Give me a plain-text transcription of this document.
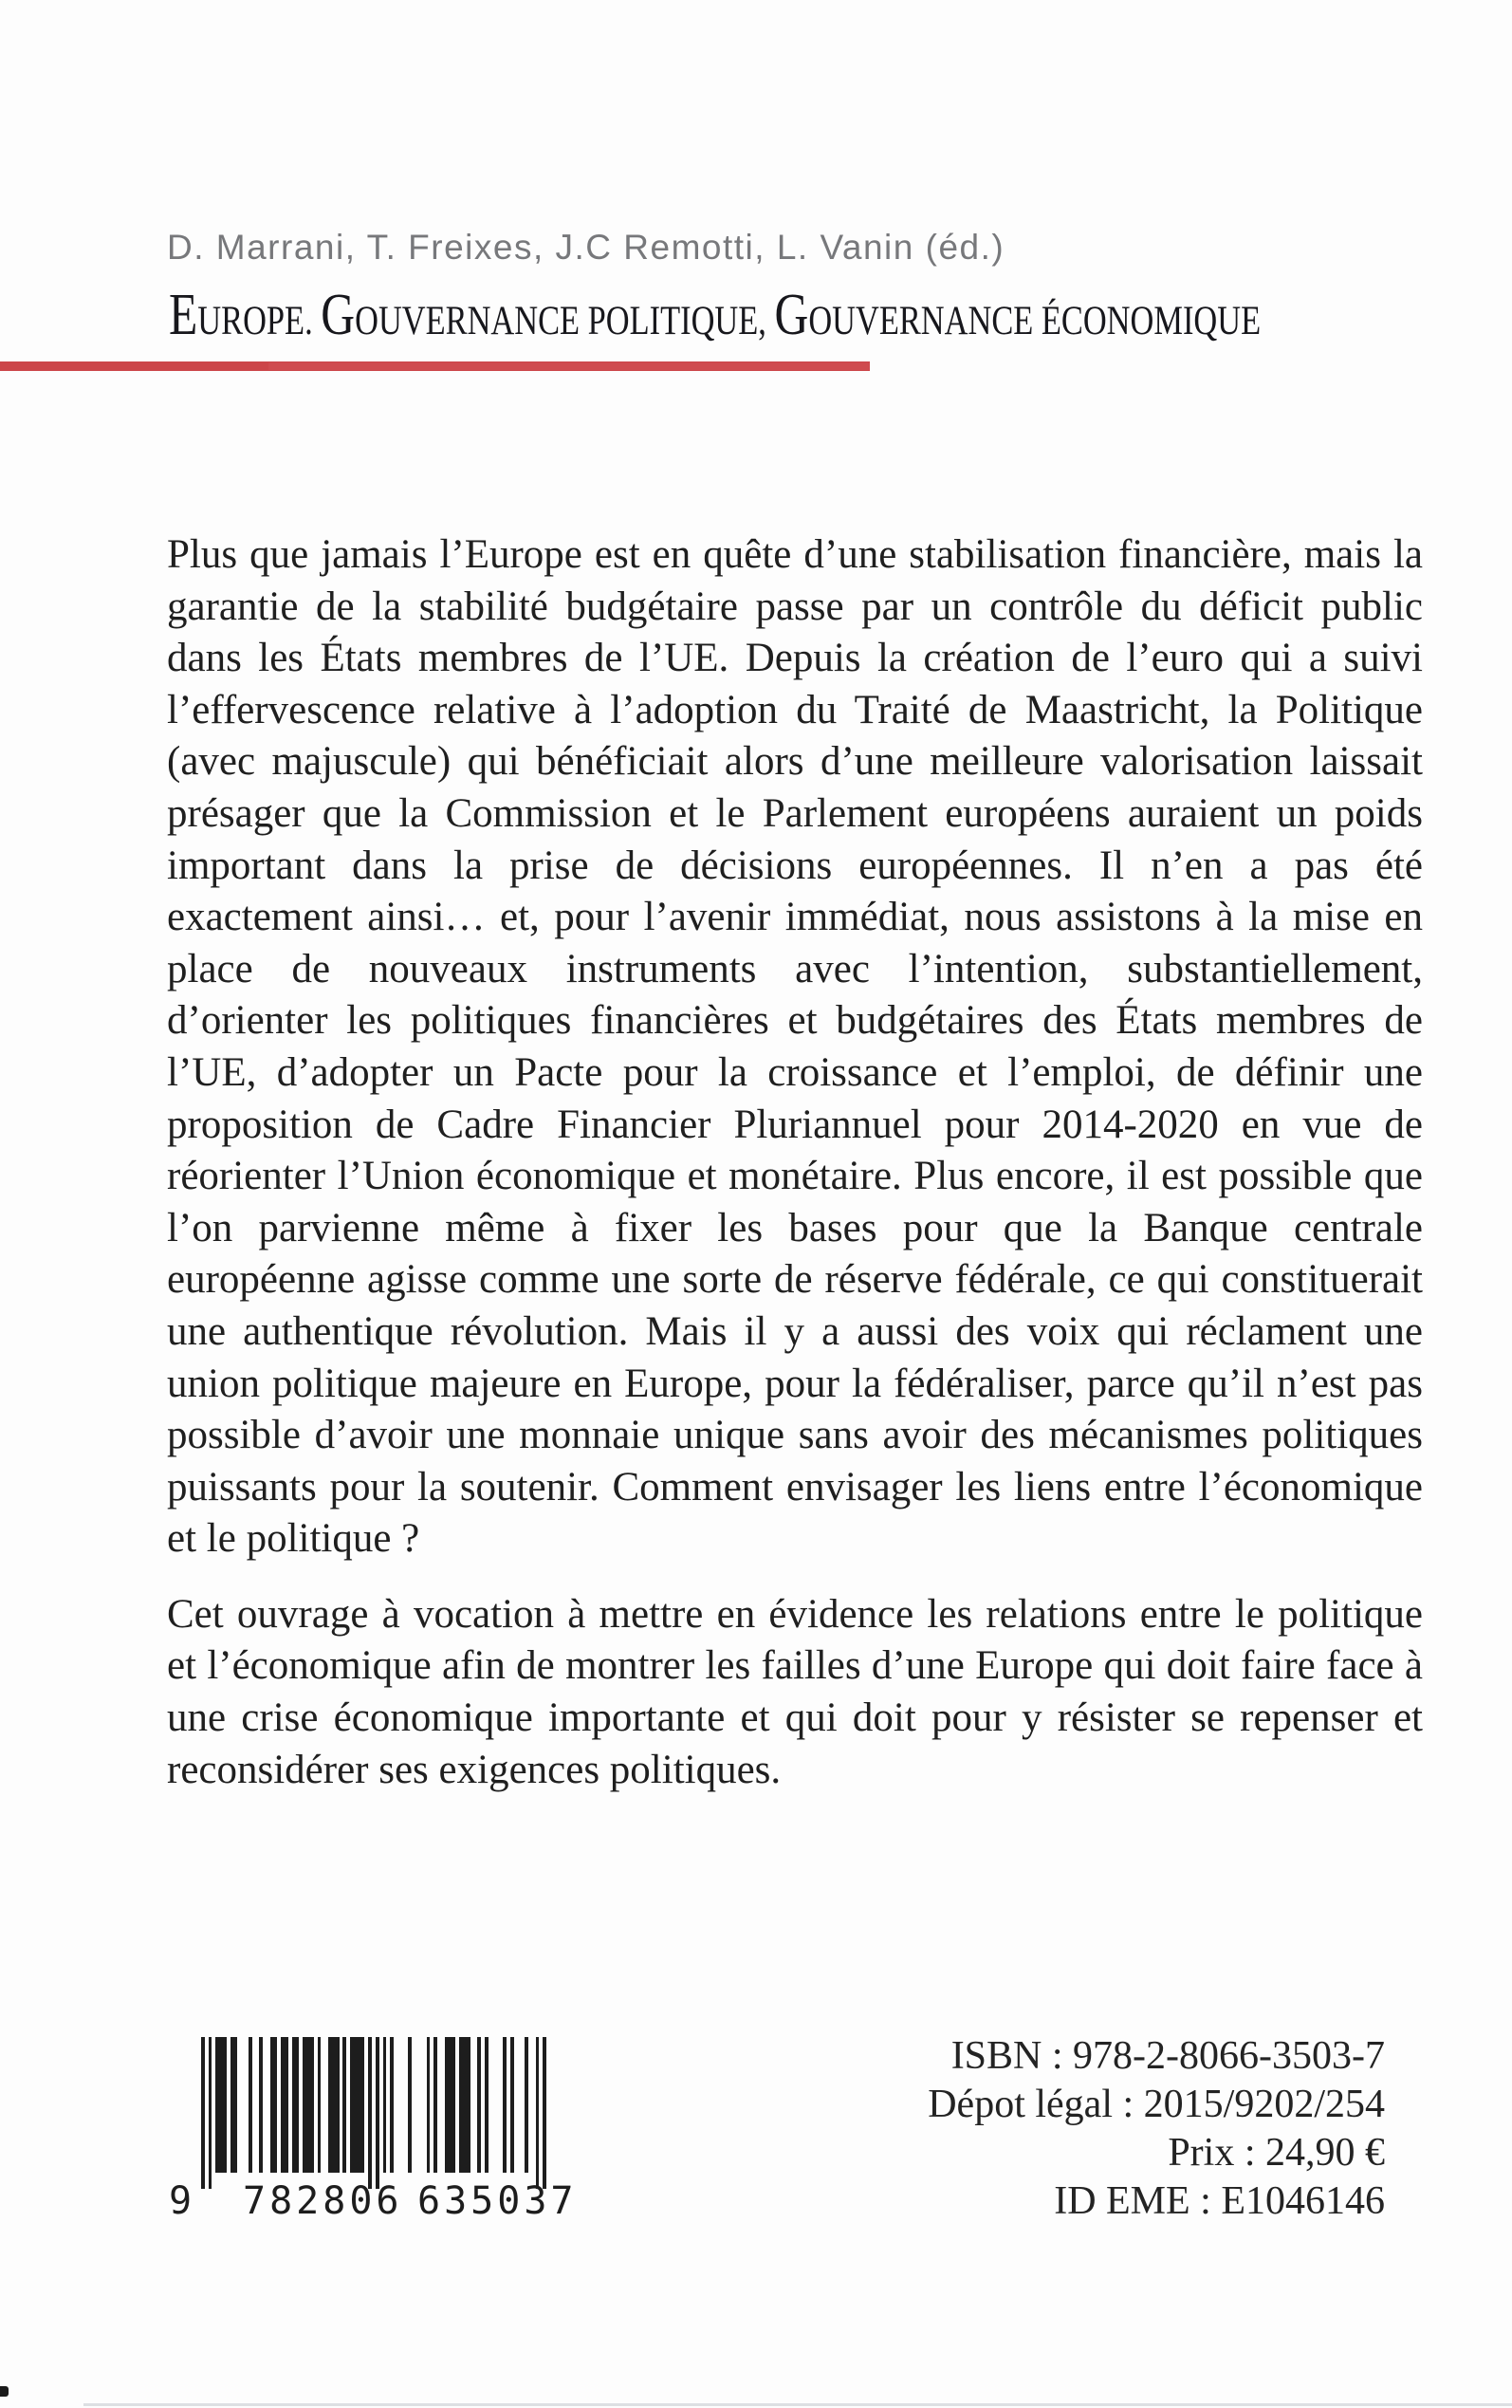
D. Marrani, T. Freixes, J.C Remotti, L. Vanin (éd.)
EUROPE. GOUVERNANCE POLITIQUE, GOUVERNANCE ÉCONOMIQUE

Plus que jamais l’Europe est en quête d’une stabilisation financière, mais la garantie de la stabilité budgétaire passe par un contrôle du déficit public dans les États membres de l’UE. Depuis la création de l’euro qui a suivi l’effervescence relative à l’adoption du Traité de Maastricht, la Politique (avec majuscule) qui bénéficiait alors d’une meilleure valorisation laissait présager que la Commission et le Parlement européens auraient un poids important dans la prise de décisions européennes. Il n’en a pas été exactement ainsi… et, pour l’avenir immédiat, nous assistons à la mise en place de nouveaux instruments avec l’intention, substantiellement, d’orienter les politiques financières et budgétaires des États membres de l’UE, d’adopter un Pacte pour la croissance et l’emploi, de définir une proposition de Cadre Financier Pluriannuel pour 2014-2020 en vue de réorienter l’Union économique et monétaire. Plus encore, il est possible que l’on parvienne même à fixer les bases pour que la Banque centrale européenne agisse comme une sorte de réserve fédérale, ce qui constituerait une authentique révolution. Mais il y a aussi des voix qui réclament une union politique majeure en Europe, pour la fédéraliser, parce qu’il n’est pas possible d’avoir une monnaie unique sans avoir des mécanismes politiques puissants pour la soutenir. Comment envisager les liens entre l’économique et le politique ?

Cet ouvrage à vocation à mettre en évidence les relations entre le politique et l’économique afin de montrer les failles d’une Europe qui doit faire face à une crise économique importante et qui doit pour y résister se repenser et reconsidérer ses exigences politiques.

9 782806 635037
ISBN : 978-2-8066-3503-7
Dépot légal : 2015/9202/254
Prix : 24,90 €
ID EME : E1046146
